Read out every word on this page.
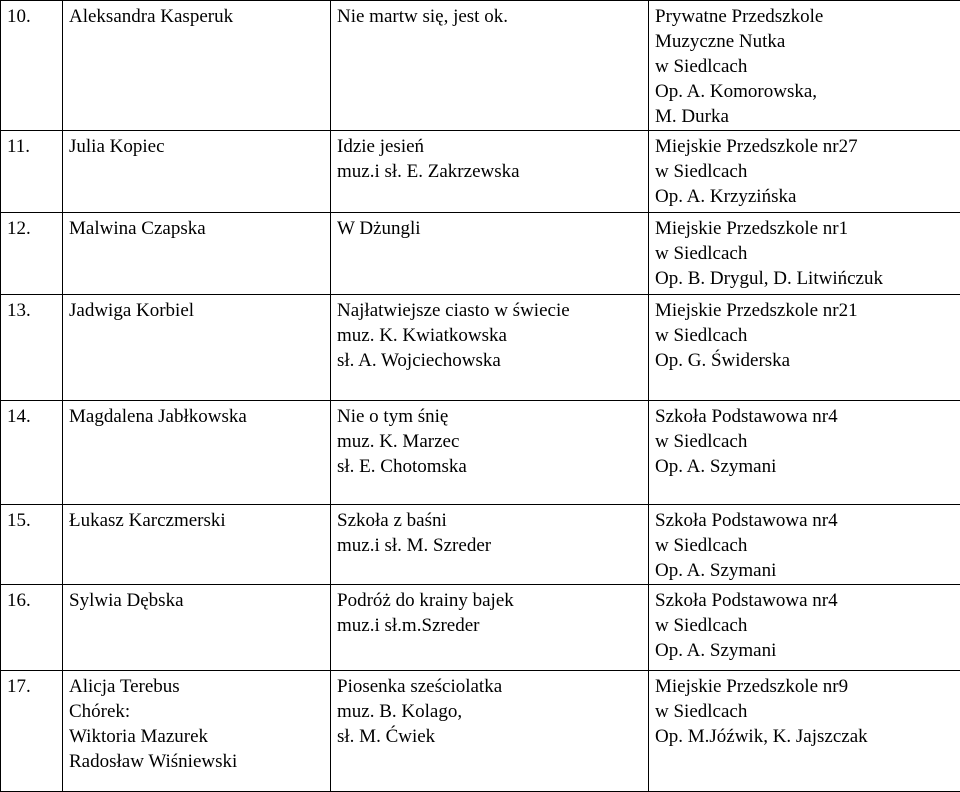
10.	Aleksandra Kasperuk	Nie martw się, jest ok.	Prywatne Przedszkole
Muzyczne Nutka
w Siedlcach
Op. A. Komorowska,
M. Durka

11.	Julia Kopiec	Idzie jesień
muz.i sł. E. Zakrzewska	Miejskie Przedszkole nr27
w Siedlcach
Op. A. Krzyzińska

12.	Malwina Czapska	W Dżungli	Miejskie Przedszkole nr1
w Siedlcach
Op. B. Drygul, D. Litwińczuk

13.	Jadwiga Korbiel	Najłatwiejsze ciasto w świecie
muz. K. Kwiatkowska
sł. A. Wojciechowska	Miejskie Przedszkole nr21
w Siedlcach
Op. G. Świderska

14.	Magdalena Jabłkowska	Nie o tym śnię
muz. K. Marzec
sł. E. Chotomska	Szkoła Podstawowa nr4
w Siedlcach
Op. A. Szymani

15.	Łukasz Karczmerski	Szkoła z baśni
muz.i sł. M. Szreder	Szkoła Podstawowa nr4
w Siedlcach
Op. A. Szymani

16.	Sylwia Dębska	Podróż do krainy bajek
muz.i sł.m.Szreder	Szkoła Podstawowa nr4
w Siedlcach
Op. A. Szymani

17.	Alicja Terebus
Chórek:
Wiktoria Mazurek
Radosław Wiśniewski	Piosenka sześciolatka
muz. B. Kolago,
sł. M. Ćwiek	Miejskie Przedszkole nr9
w Siedlcach
Op. M.Jóźwik, K. Jajszczak
